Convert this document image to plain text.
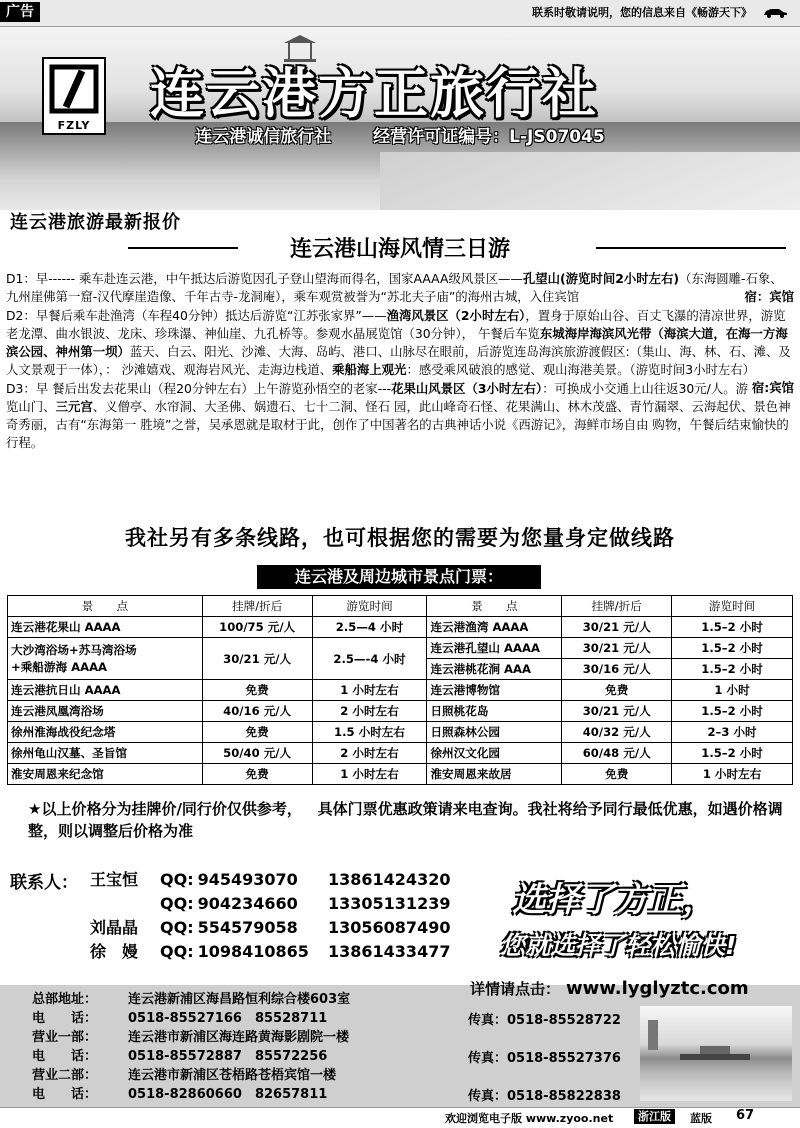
广告	联系时敬请说明，您的信息来自《畅游天下》
FZLY
连云港方正旅行社
连云港诚信旅行社 经营许可证编号：L-JS07045
连云港旅游最新报价
连云港山海风情三日游

D1：早------ 乘车赴连云港，中午抵达后游览因孔子登山望海而得名，国家AAAA级风景区——孔望山(游览时间2小时左右)（东海圆雕-石象、九州崖佛第一窟-汉代摩崖造像、千年古寺-龙洞庵），乘车观赏被誉为“苏北夫子庙”的海州古城，入住宾馆	宿：宾馆

D2：早餐后乘车赴渔湾（车程40分钟）抵达后游览“江苏张家界”——渔湾风景区（2小时左右），置身于原始山谷、百丈飞瀑的清凉世界，游览老龙潭、曲水银波、龙床、珍珠瀑、神仙崖、九孔桥等。参观水晶展览馆（30分钟）， 午餐后车览东城海岸海滨风光带（海滨大道，在海一方海滨公园、神州第一坝）蓝天、白云、阳光、沙滩、大海、岛屿、港口、山脉尽在眼前，后游览连岛海滨旅游渡假区:（集山、海、林、石、滩、及人文景观于一体），： 沙滩嬉戏、观海岩风光、走海边栈道、乘船海上观光：感受乘风破浪的感觉、观山海港美景。（游览时间3小时左右）
宿:宾馆

D3：早 餐后出发去花果山（程20分钟左右）上午游览孙悟空的老家---花果山风景区（3小时左右）：可换成小交通上山往返30元/人。游览山门、三元宫、义僧亭、水帘洞、大圣佛、娲遗石、七十二洞、怪石 园，此山峰奇石怪、花果满山、林木茂盛、青竹漏翠、云海起伏、景色神奇秀丽，古有“东海第一 胜境”之誉，吴承恩就是取材于此，创作了中国著名的古典神话小说《西游记》，海鲜市场自由 购物，午餐后结束愉快的行程。

我社另有多条线路，也可根据您的需要为您量身定做线路
连云港及周边城市景点门票：
景　　点	挂牌/折后	游览时间	景　　点	挂牌/折后	游览时间
连云港花果山 AAAA	100/75 元/人	2.5—4 小时	连云港渔湾 AAAA	30/21 元/人	1.5–2 小时
大沙湾浴场+苏马湾浴场
+乘船游海 AAAA	30/21 元/人	2.5—-4 小时	连云港孔望山 AAAA	30/21 元/人	1.5–2 小时
			连云港桃花涧 AAA	30/16 元/人	1.5–2 小时
连云港抗日山 AAAA	免费	1 小时左右	连云港博物馆	免费	1 小时
连云港凤凰湾浴场	40/16 元/人	2 小时左右	日照桃花岛	30/21 元/人	1.5–2 小时
徐州淮海战役纪念塔	免费	1.5 小时左右	日照森林公园	40/32 元/人	2–3 小时
徐州龟山汉墓、圣旨馆	50/40 元/人	2 小时左右	徐州汉文化园	60/48 元/人	1.5–2 小时
淮安周恩来纪念馆	免费	1 小时左右	淮安周恩来故居	免费	1 小时左右
★以上价格分为挂牌价/同行价仅供参考， 具体门票优惠政策请来电查询。我社将给予同行最低优惠，如遇价格调整，则以调整后价格为准
联系人： 王宝恒 QQ: 945493070 13861424320
QQ: 904234660 13305131239
刘晶晶 QQ: 554579058 13056087490
徐　嫚 QQ: 1098410865 13861433477
选择了方正，
您就选择了轻松愉快!
详情请点击： www.lyglyztc.com
总部地址： 连云港新浦区海昌路恒利综合楼603室
电　　话： 0518-85527166　85528711
营业一部： 连云港市新浦区海连路黄海影剧院一楼
电　　话： 0518-85572887　85572256
营业二部： 连云港市新浦区苍梧路苍梧宾馆一楼
电　　话： 0518-82860660　82657811
传真：0518-85528722
传真：0518-85527376
传真：0518-85822838
欢迎浏览电子版 www.zyoo.net	浙江版	蓝版 67
